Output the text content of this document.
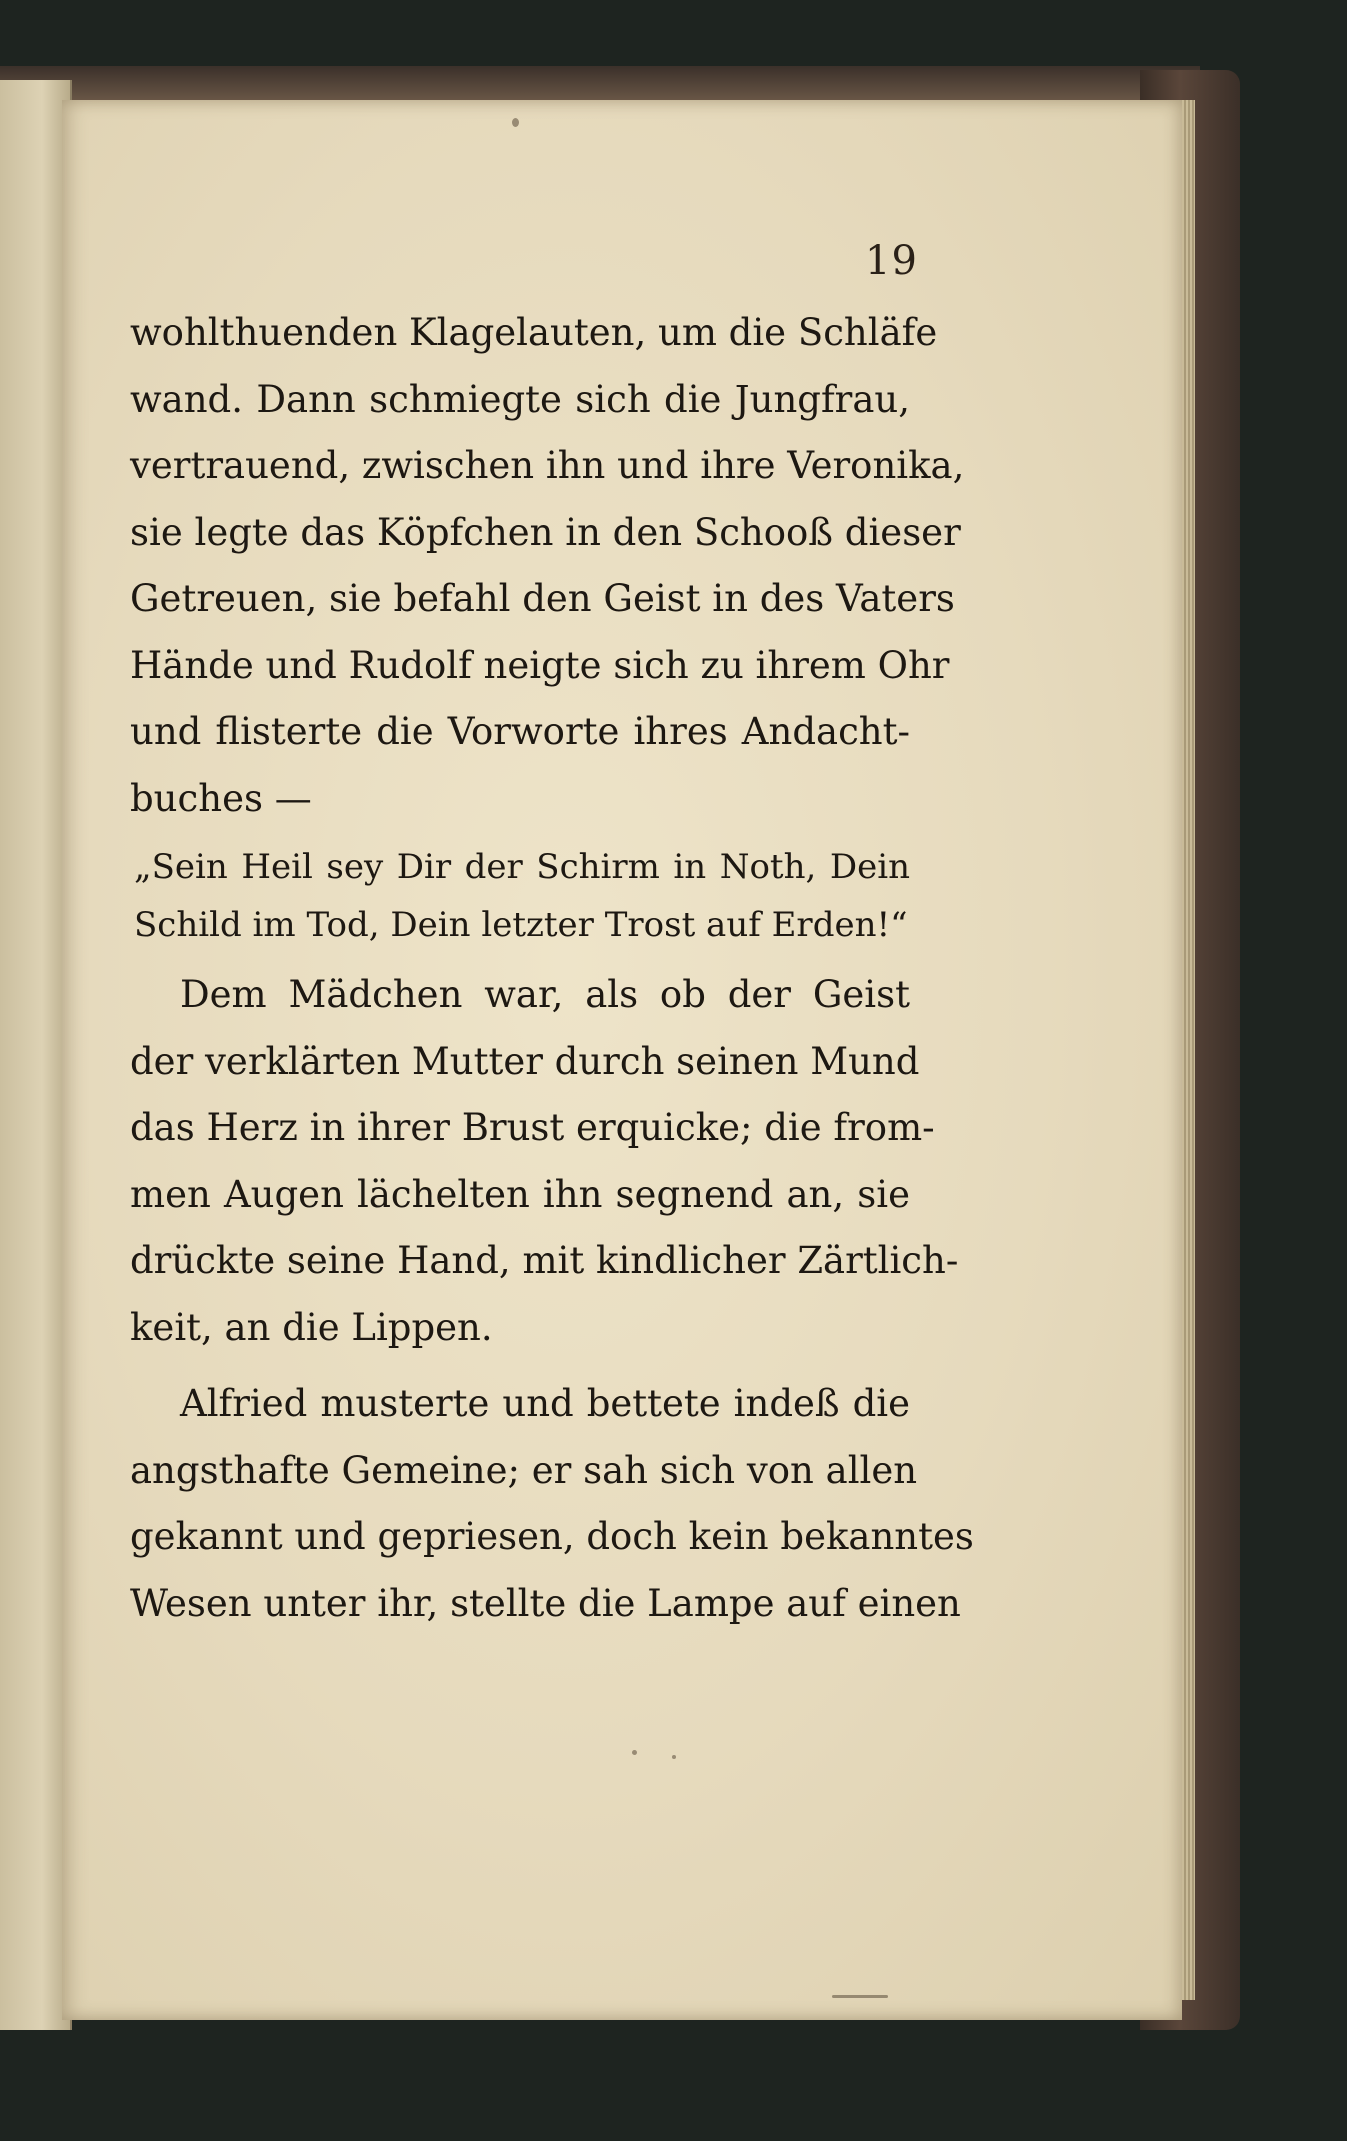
19
wohlthuenden Klagelauten, um die Schläfe
wand. Dann schmiegte sich die Jungfrau,
vertrauend, zwischen ihn und ihre Veronika,
sie legte das Köpfchen in den Schooß dieser
Getreuen, sie befahl den Geist in des Vaters
Hände und Rudolf neigte sich zu ihrem Ohr
und flisterte die Vorworte ihres Andacht-
buches —
„Sein Heil sey Dir der Schirm in Noth, Dein
Schild im Tod, Dein letzter Trost auf Erden!“
Dem Mädchen war, als ob der Geist
der verklärten Mutter durch seinen Mund
das Herz in ihrer Brust erquicke; die from-
men Augen lächelten ihn segnend an, sie
drückte seine Hand, mit kindlicher Zärtlich-
keit, an die Lippen.
Alfried musterte und bettete indeß die
angsthafte Gemeine; er sah sich von allen
gekannt und gepriesen, doch kein bekanntes
Wesen unter ihr, stellte die Lampe auf einen
